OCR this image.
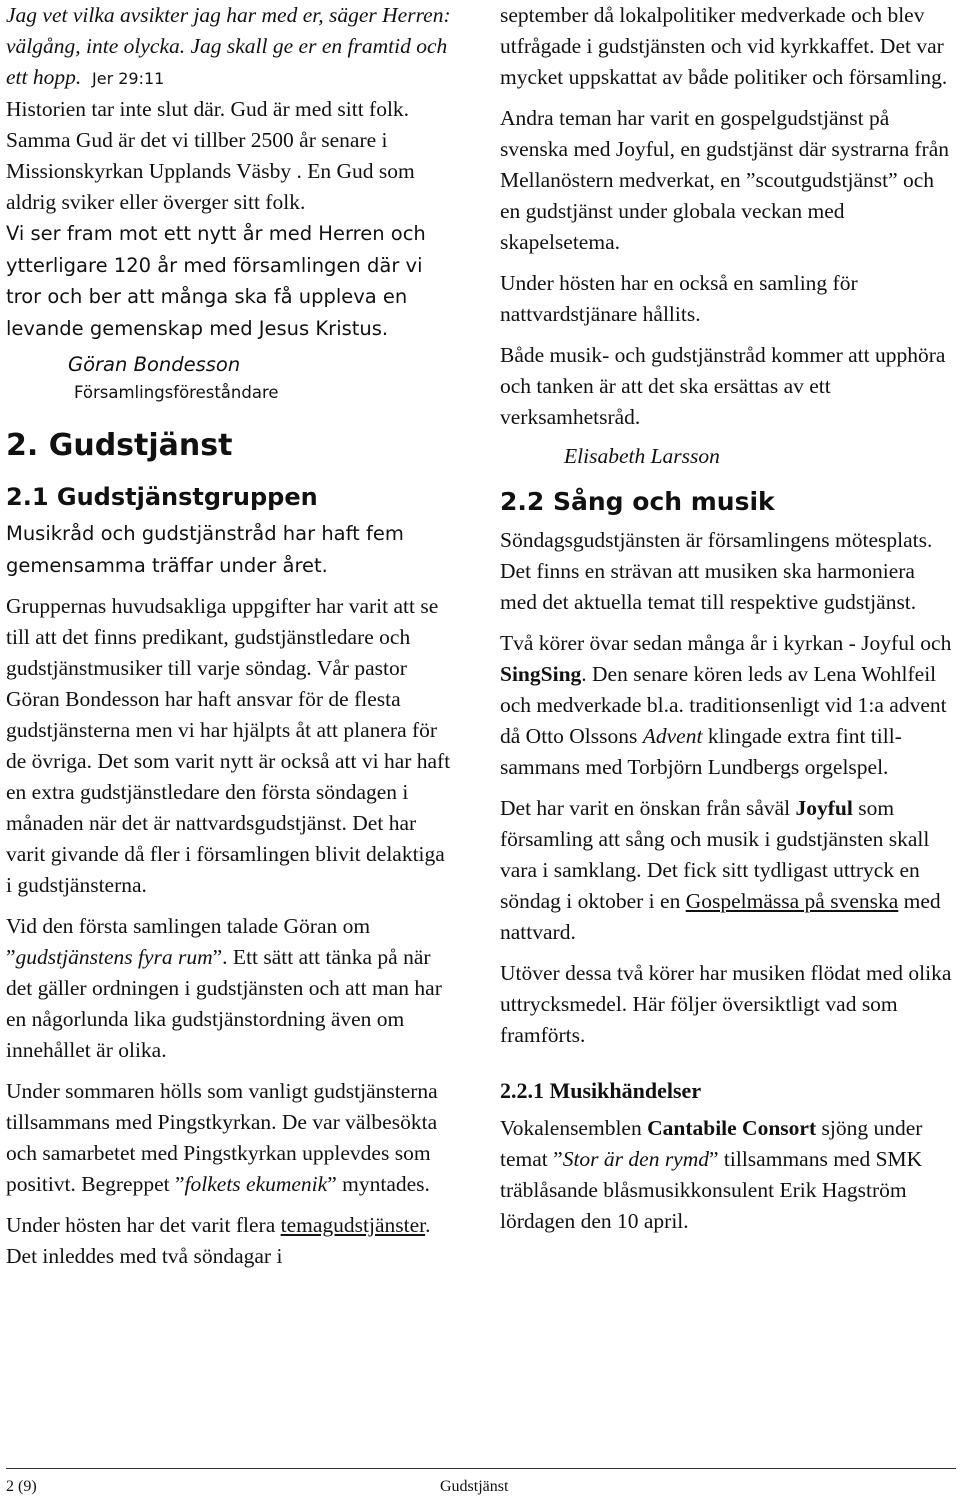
Jag vet vilka avsikter jag har med er, säger Herren: välgång, inte olycka. Jag skall ge er en framtid och ett hopp. Jer 29:11

Historien tar inte slut där. Gud är med sitt folk. Samma Gud är det vi tillber 2500 år senare i Missionskyrkan Upplands Väsby . En Gud som aldrig sviker eller överger sitt folk.

Vi ser fram mot ett nytt år med Herren och ytterligare 120 år med församlingen där vi tror och ber att många ska få uppleva en levande gemenskap med Jesus Kristus.

Göran Bondesson
Församlingsföreståndare
2. Gudstjänst
2.1 Gudstjänstgruppen

Musikråd och gudstjänstråd har haft fem gemensamma träffar under året.

Gruppernas huvudsakliga uppgifter har varit att se till att det finns predikant, gudstjänstledare och gudstjänstmusiker till varje söndag. Vår pastor Göran Bondesson har haft ansvar för de flesta gudstjänsterna men vi har hjälpts åt att planera för de övriga. Det som varit nytt är också att vi har haft en extra gudstjänstledare den första söndagen i månaden när det är nattvardsgudstjänst. Det har varit givande då fler i församlingen blivit delaktiga i gudstjänsterna.

Vid den första samlingen talade Göran om ”gudstjänstens fyra rum”. Ett sätt att tänka på när det gäller ordningen i gudstjänsten och att man har en någorlunda lika gudstjänstordning även om innehållet är olika.

Under sommaren hölls som vanligt gudstjänsterna tillsammans med Pingstkyrkan. De var välbesökta och samarbetet med Pingstkyrkan upplevdes som positivt. Begreppet ”folkets ekumenik” myntades.

Under hösten har det varit flera temagudstjänster. Det inleddes med två söndagar i

september då lokalpolitiker medverkade och blev utfrågade i gudstjänsten och vid kyrkkaffet. Det var mycket uppskattat av både politiker och församling.

Andra teman har varit en gospelgudstjänst på svenska med Joyful, en gudstjänst där systrarna från Mellanöstern medverkat, en ”scoutgudstjänst” och en gudstjänst under globala veckan med skapelsetema.

Under hösten har en också en samling för nattvardstjänare hållits.

Både musik- och gudstjänstråd kommer att upphöra och tanken är att det ska ersättas av ett verksamhetsråd.

Elisabeth Larsson
2.2 Sång och musik

Söndagsgudstjänsten är församlingens mötesplats. Det finns en strävan att musiken ska harmoniera med det aktuella temat till respektive gudstjänst.

Två körer övar sedan många år i kyrkan - Joyful och SingSing. Den senare kören leds av Lena Wohlfeil och medverkade bl.a. traditionsenligt vid 1:a advent då Otto Olssons Advent klingade extra fint tillsammans med Torbjörn Lundbergs orgelspel.

Det har varit en önskan från såväl Joyful som församling att sång och musik i gudstjänsten skall vara i samklang. Det fick sitt tydligast uttryck en söndag i oktober i en Gospelmässa på svenska med nattvard.

Utöver dessa två körer har musiken flödat med olika uttrycksmedel. Här följer översiktligt vad som framförts.

2.2.1 Musikhändelser

Vokalensemblen Cantabile Consort sjöng under temat ”Stor är den rymd” tillsammans med SMK träblåsande blåsmusikkonsulent Erik Hagström lördagen den 10 april.

2 (9)	Gudstjänst
